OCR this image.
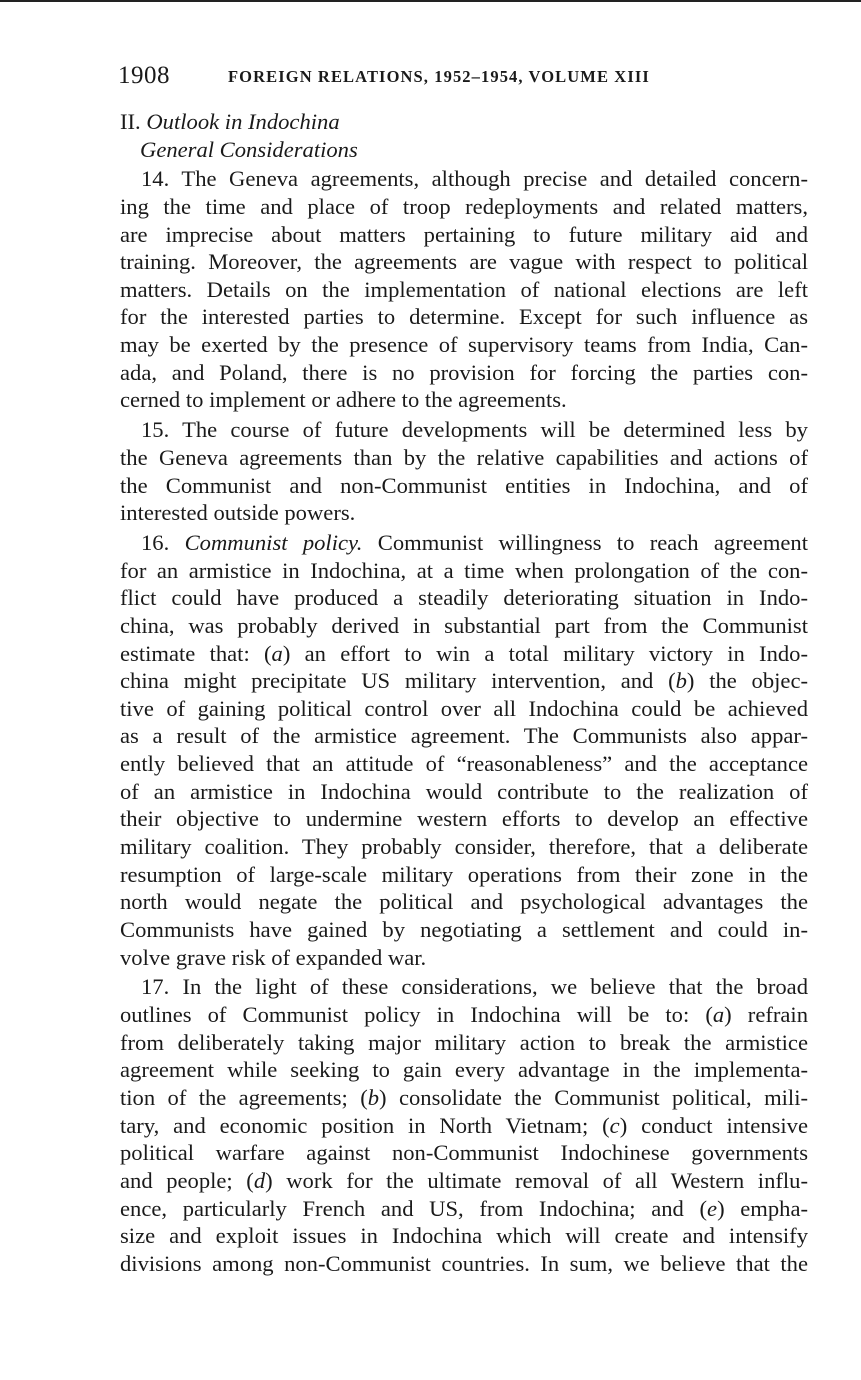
1908	FOREIGN RELATIONS, 1952–1954, VOLUME XIII
II. Outlook in Indochina
General Considerations
14. The Geneva agreements, although precise and detailed concern-
ing the time and place of troop redeployments and related matters,
are imprecise about matters pertaining to future military aid and
training. Moreover, the agreements are vague with respect to political
matters. Details on the implementation of national elections are left
for the interested parties to determine. Except for such influence as
may be exerted by the presence of supervisory teams from India, Can-
ada, and Poland, there is no provision for forcing the parties con-
cerned to implement or adhere to the agreements.
15. The course of future developments will be determined less by
the Geneva agreements than by the relative capabilities and actions of
the Communist and non-Communist entities in Indochina, and of
interested outside powers.
16. Communist policy. Communist willingness to reach agreement
for an armistice in Indochina, at a time when prolongation of the con-
flict could have produced a steadily deteriorating situation in Indo-
china, was probably derived in substantial part from the Communist
estimate that: (a) an effort to win a total military victory in Indo-
china might precipitate US military intervention, and (b) the objec-
tive of gaining political control over all Indochina could be achieved
as a result of the armistice agreement. The Communists also appar-
ently believed that an attitude of “reasonableness” and the acceptance
of an armistice in Indochina would contribute to the realization of
their objective to undermine western efforts to develop an effective
military coalition. They probably consider, therefore, that a deliberate
resumption of large-scale military operations from their zone in the
north would negate the political and psychological advantages the
Communists have gained by negotiating a settlement and could in-
volve grave risk of expanded war.
17. In the light of these considerations, we believe that the broad
outlines of Communist policy in Indochina will be to: (a) refrain
from deliberately taking major military action to break the armistice
agreement while seeking to gain every advantage in the implementa-
tion of the agreements; (b) consolidate the Communist political, mili-
tary, and economic position in North Vietnam; (c) conduct intensive
political warfare against non-Communist Indochinese governments
and people; (d) work for the ultimate removal of all Western influ-
ence, particularly French and US, from Indochina; and (e) empha-
size and exploit issues in Indochina which will create and intensify
divisions among non-Communist countries. In sum, we believe that the
